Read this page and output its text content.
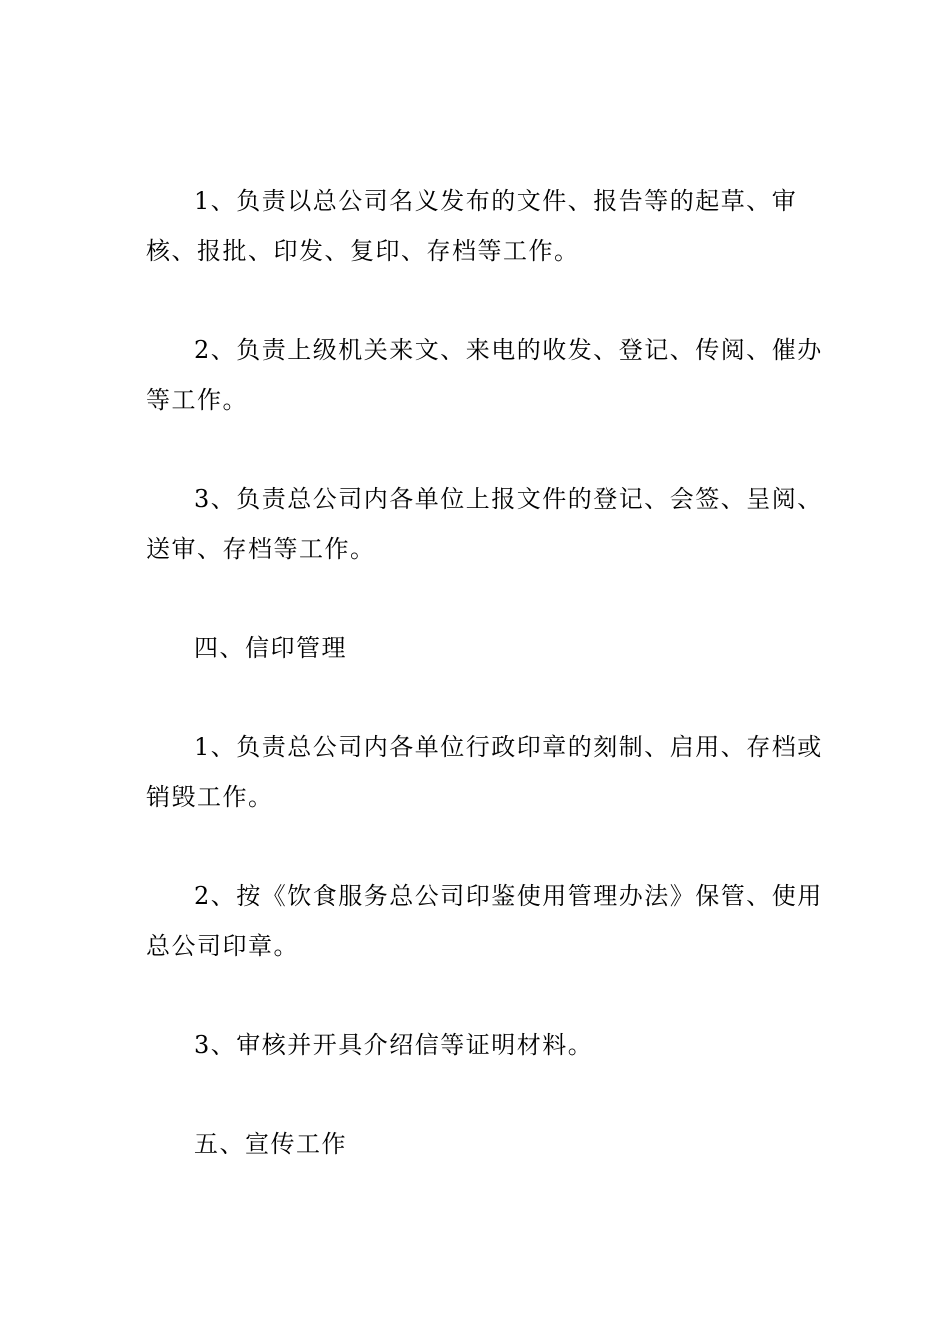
1、负责以总公司名义发布的文件、报告等的起草、审核、报批、印发、复印、存档等工作。

2、负责上级机关来文、来电的收发、登记、传阅、催办等工作。

3、负责总公司内各单位上报文件的登记、会签、呈阅、送审、存档等工作。

四、信印管理

1、负责总公司内各单位行政印章的刻制、启用、存档或销毁工作。

2、按《饮食服务总公司印鉴使用管理办法》保管、使用总公司印章。

3、审核并开具介绍信等证明材料。

五、宣传工作
